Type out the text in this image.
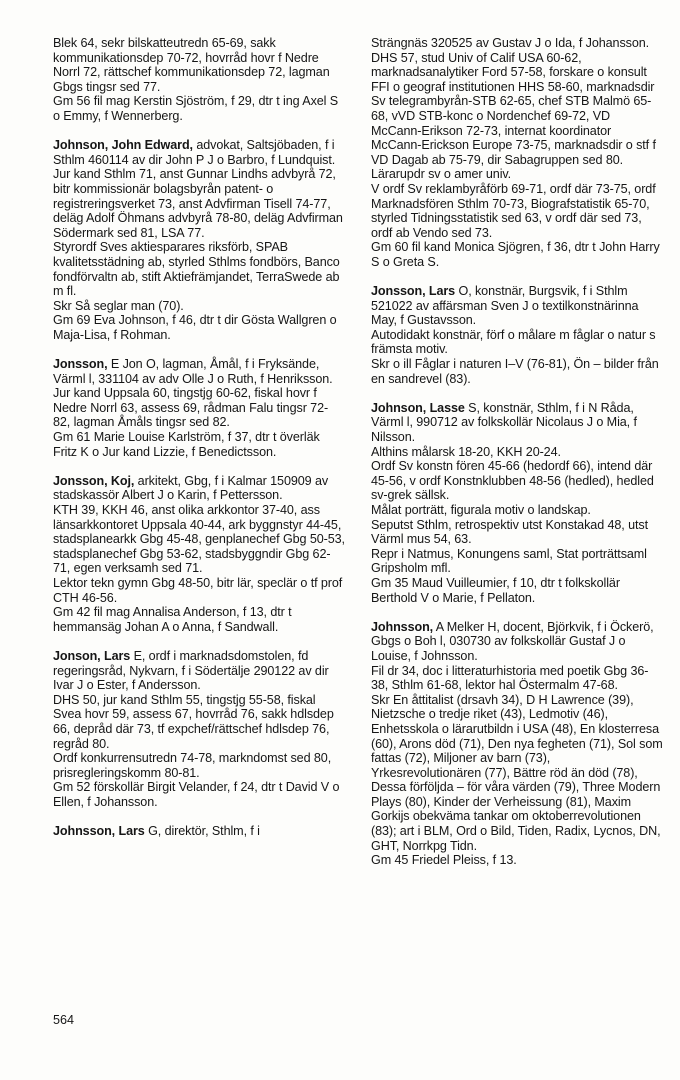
Blek 64, sekr bilskatteutredn 65-69, sakk kommunikationsdep 70-72, hovrråd hovr f Nedre Norrl 72, rättschef kommunikationsdep 72, lagman Gbgs tingsr sed 77.

Gm 56 fil mag Kerstin Sjöström, f 29, dtr t ing Axel S o Emmy, f Wennerberg.

Johnson, John Edward, advokat, Saltsjöbaden, f i Sthlm 460114 av dir John P J o Barbro, f Lundquist.

Jur kand Sthlm 71, anst Gunnar Lindhs advbyrå 72, bitr kommissionär bolagsbyrån patent- o registreringsverket 73, anst Advfirman Tisell 74-77, deläg Adolf Öhmans advbyrå 78-80, deläg Advfirman Södermark sed 81, LSA 77.

Styrordf Sves aktiesparares riksförb, SPAB kvalitetsstädning ab, styrled Sthlms fondbörs, Banco fondförvaltn ab, stift Aktiefrämjandet, TerraSwede ab m fl.

Skr Så seglar man (70).

Gm 69 Eva Johnson, f 46, dtr t dir Gösta Wallgren o Maja-Lisa, f Rohman.

Jonsson, E Jon O, lagman, Åmål, f i Fryksände, Värml l, 331104 av adv Olle J o Ruth, f Henriksson.

Jur kand Uppsala 60, tingstjg 60-62, fiskal hovr f Nedre Norrl 63, assess 69, rådman Falu tingsr 72-82, lagman Åmåls tingsr sed 82.

Gm 61 Marie Louise Karlström, f 37, dtr t överläk Fritz K o Jur kand Lizzie, f Benedictsson.

Jonsson, Koj, arkitekt, Gbg, f i Kalmar 150909 av stadskassör Albert J o Karin, f Pettersson.

KTH 39, KKH 46, anst olika arkkontor 37-40, ass länsarkkontoret Uppsala 40-44, ark byggnstyr 44-45, stadsplanearkk Gbg 45-48, genplanechef Gbg 50-53, stadsplanechef Gbg 53-62, stadsbyggndir Gbg 62-71, egen verksamh sed 71.

Lektor tekn gymn Gbg 48-50, bitr lär, speclär o tf prof CTH 46-56.

Gm 42 fil mag Annalisa Anderson, f 13, dtr t hemmansäg Johan A o Anna, f Sandwall.

Jonson, Lars E, ordf i marknadsdomstolen, fd regeringsråd, Nykvarn, f i Södertälje 290122 av dir Ivar J o Ester, f Andersson.

DHS 50, jur kand Sthlm 55, tingstjg 55-58, fiskal Svea hovr 59, assess 67, hovrråd 76, sakk hdlsdep 66, depråd där 73, tf expchef/rättschef hdlsdep 76, regråd 80.

Ordf konkurrensutredn 74-78, markndomst sed 80, prisregleringskomm 80-81.

Gm 52 förskollär Birgit Velander, f 24, dtr t David V o Ellen, f Johansson.

Johnsson, Lars G, direktör, Sthlm, f i

Strängnäs 320525 av Gustav J o Ida, f Johansson.

DHS 57, stud Univ of Calif USA 60-62, marknadsanalytiker Ford 57-58, forskare o konsult FFI o geograf institutionen HHS 58-60, marknadsdir Sv telegrambyrån-STB 62-65, chef STB Malmö 65-68, vVD STB-konc o Nordenchef 69-72, VD McCann-Erikson 72-73, internat koordinator McCann-Erickson Europe 73-75, marknadsdir o stf f VD Dagab ab 75-79, dir Sabagruppen sed 80.

Lärarupdr sv o amer univ.

V ordf Sv reklambyråförb 69-71, ordf där 73-75, ordf Marknadsfören Sthlm 70-73, Biografstatistik 65-70, styrled Tidningsstatistik sed 63, v ordf där sed 73, ordf ab Vendo sed 73.

Gm 60 fil kand Monica Sjögren, f 36, dtr t John Harry S o Greta S.

Jonsson, Lars O, konstnär, Burgsvik, f i Sthlm 521022 av affärsman Sven J o textilkonstnärinna May, f Gustavsson.

Autodidakt konstnär, förf o målare m fåglar o natur s främsta motiv.

Skr o ill Fåglar i naturen I–V (76-81), Ön – bilder från en sandrevel (83).

Johnson, Lasse S, konstnär, Sthlm, f i N Råda, Värml l, 990712 av folkskollär Nicolaus J o Mia, f Nilsson.

Althins målarsk 18-20, KKH 20-24.

Ordf Sv konstn fören 45-66 (hedordf 66), intend där 45-56, v ordf Konstnklubben 48-56 (hedled), hedled sv-grek sällsk.

Målat porträtt, figurala motiv o landskap.

Seputst Sthlm, retrospektiv utst Konstakad 48, utst Värml mus 54, 63.

Repr i Natmus, Konungens saml, Stat porträttsaml Gripsholm mfl.

Gm 35 Maud Vuilleumier, f 10, dtr t folkskollär Berthold V o Marie, f Pellaton.

Johnsson, A Melker H, docent, Björkvik, f i Öckerö, Gbgs o Boh l, 030730 av folkskollär Gustaf J o Louise, f Johnsson.

Fil dr 34, doc i litteraturhistoria med poetik Gbg 36-38, Sthlm 61-68, lektor hal Östermalm 47-68.

Skr En åttitalist (drsavh 34), D H Lawrence (39), Nietzsche o tredje riket (43), Ledmotiv (46), Enhetsskola o lärarutbildn i USA (48), En klosterresa (60), Arons död (71), Den nya fegheten (71), Sol som fattas (72), Miljoner av barn (73), Yrkesrevolutionären (77), Bättre röd än död (78), Dessa förföljda – för våra värden (79), Three Modern Plays (80), Kinder der Verheissung (81), Maxim Gorkijs obekväma tankar om oktoberrevolutionen (83); art i BLM, Ord o Bild, Tiden, Radix, Lycnos, DN, GHT, Norrkpg Tidn.

Gm 45 Friedel Pleiss, f 13.

564
